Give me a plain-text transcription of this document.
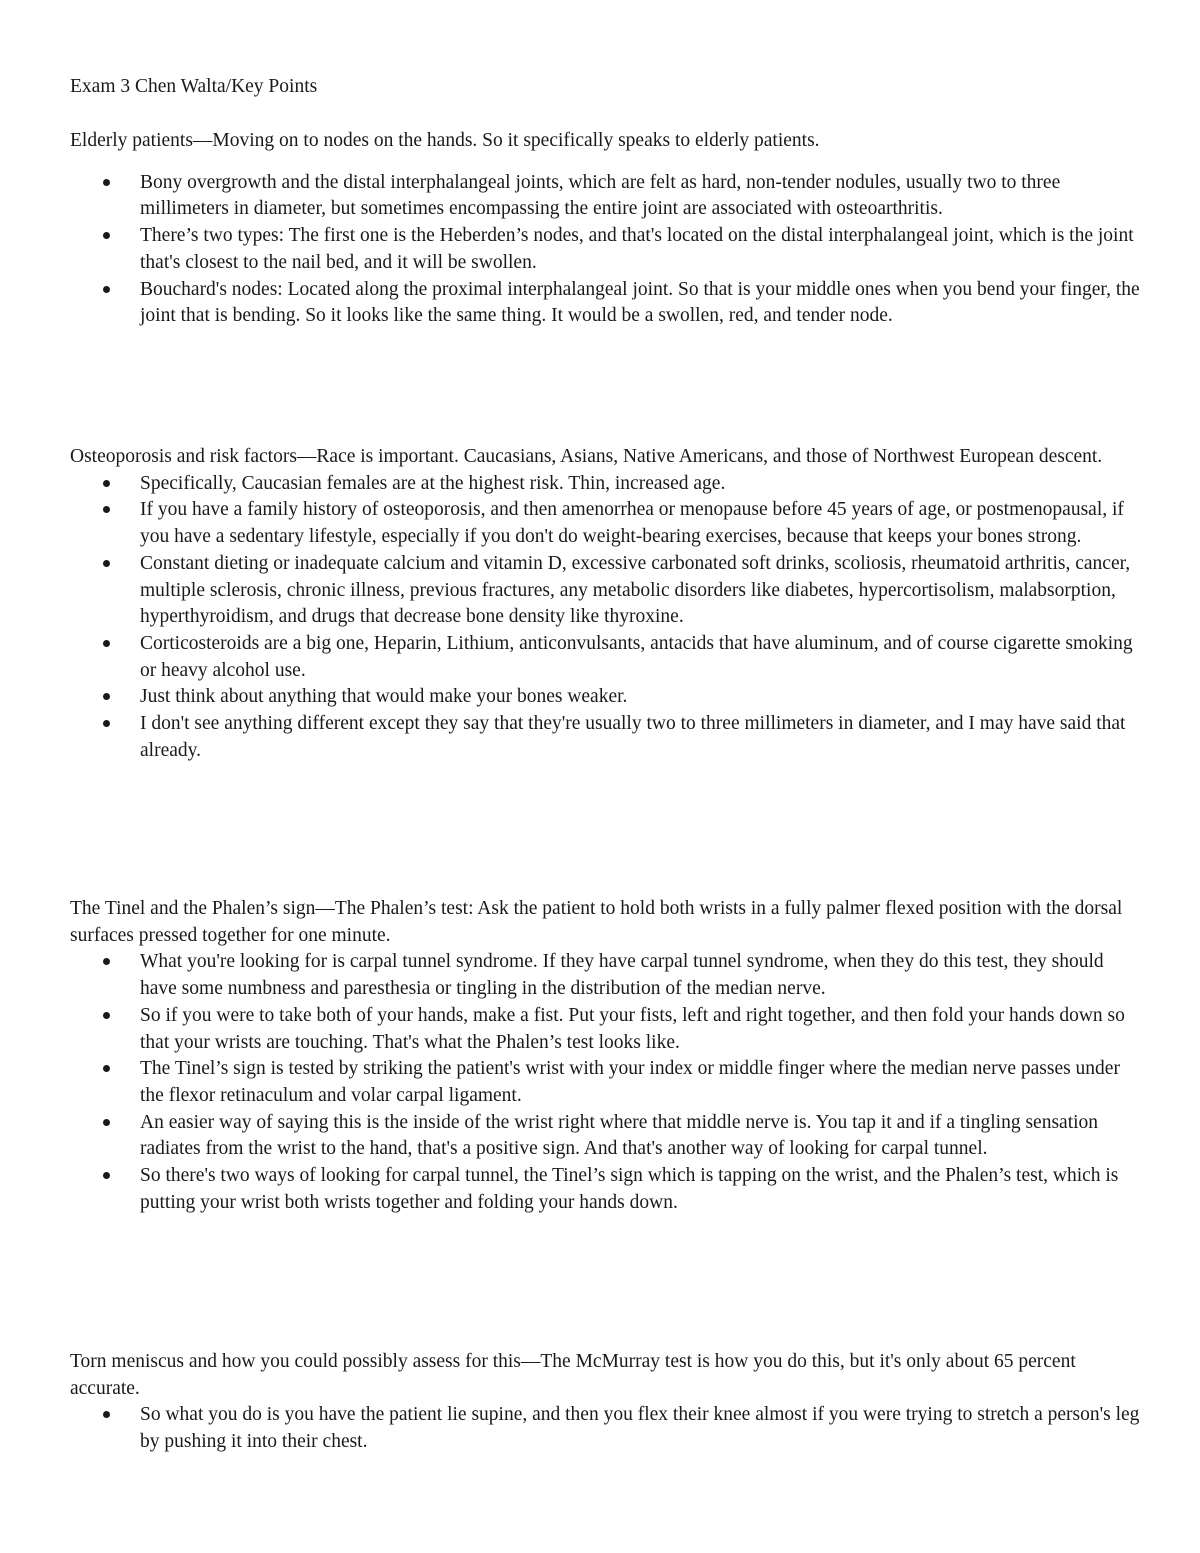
Exam 3 Chen Walta/Key Points

Elderly patients—Moving on to nodes on the hands. So it specifically speaks to elderly patients.

Bony overgrowth and the distal interphalangeal joints, which are felt as hard, non-tender nodules, usually two to three millimeters in diameter, but sometimes encompassing the entire joint are associated with osteoarthritis.
There’s two types: The first one is the Heberden’s nodes, and that's located on the distal interphalangeal joint, which is the joint that's closest to the nail bed, and it will be swollen.
Bouchard's nodes: Located along the proximal interphalangeal joint. So that is your middle ones when you bend your finger, the joint that is bending. So it looks like the same thing. It would be a swollen, red, and tender node.

Osteoporosis and risk factors—Race is important. Caucasians, Asians, Native Americans, and those of Northwest European descent.

Specifically, Caucasian females are at the highest risk. Thin, increased age.
If you have a family history of osteoporosis, and then amenorrhea or menopause before 45 years of age, or postmenopausal, if you have a sedentary lifestyle, especially if you don't do weight-bearing exercises, because that keeps your bones strong.
Constant dieting or inadequate calcium and vitamin D, excessive carbonated soft drinks, scoliosis, rheumatoid arthritis, cancer, multiple sclerosis, chronic illness, previous fractures, any metabolic disorders like diabetes, hypercortisolism, malabsorption, hyperthyroidism, and drugs that decrease bone density like thyroxine.
Corticosteroids are a big one, Heparin, Lithium, anticonvulsants, antacids that have aluminum, and of course cigarette smoking or heavy alcohol use.
Just think about anything that would make your bones weaker.
I don't see anything different except they say that they're usually two to three millimeters in diameter, and I may have said that already.

The Tinel and the Phalen’s sign—The Phalen’s test: Ask the patient to hold both wrists in a fully palmer flexed position with the dorsal surfaces pressed together for one minute.

What you're looking for is carpal tunnel syndrome. If they have carpal tunnel syndrome, when they do this test, they should have some numbness and paresthesia or tingling in the distribution of the median nerve.
So if you were to take both of your hands, make a fist. Put your fists, left and right together, and then fold your hands down so that your wrists are touching. That's what the Phalen’s test looks like.
The Tinel’s sign is tested by striking the patient's wrist with your index or middle finger where the median nerve passes under the flexor retinaculum and volar carpal ligament.
An easier way of saying this is the inside of the wrist right where that middle nerve is. You tap it and if a tingling sensation radiates from the wrist to the hand, that's a positive sign. And that's another way of looking for carpal tunnel.
So there's two ways of looking for carpal tunnel, the Tinel’s sign which is tapping on the wrist, and the Phalen’s test, which is putting your wrist both wrists together and folding your hands down.

Torn meniscus and how you could possibly assess for this—The McMurray test is how you do this, but it's only about 65 percent accurate.

So what you do is you have the patient lie supine, and then you flex their knee almost if you were trying to stretch a person's leg by pushing it into their chest.
